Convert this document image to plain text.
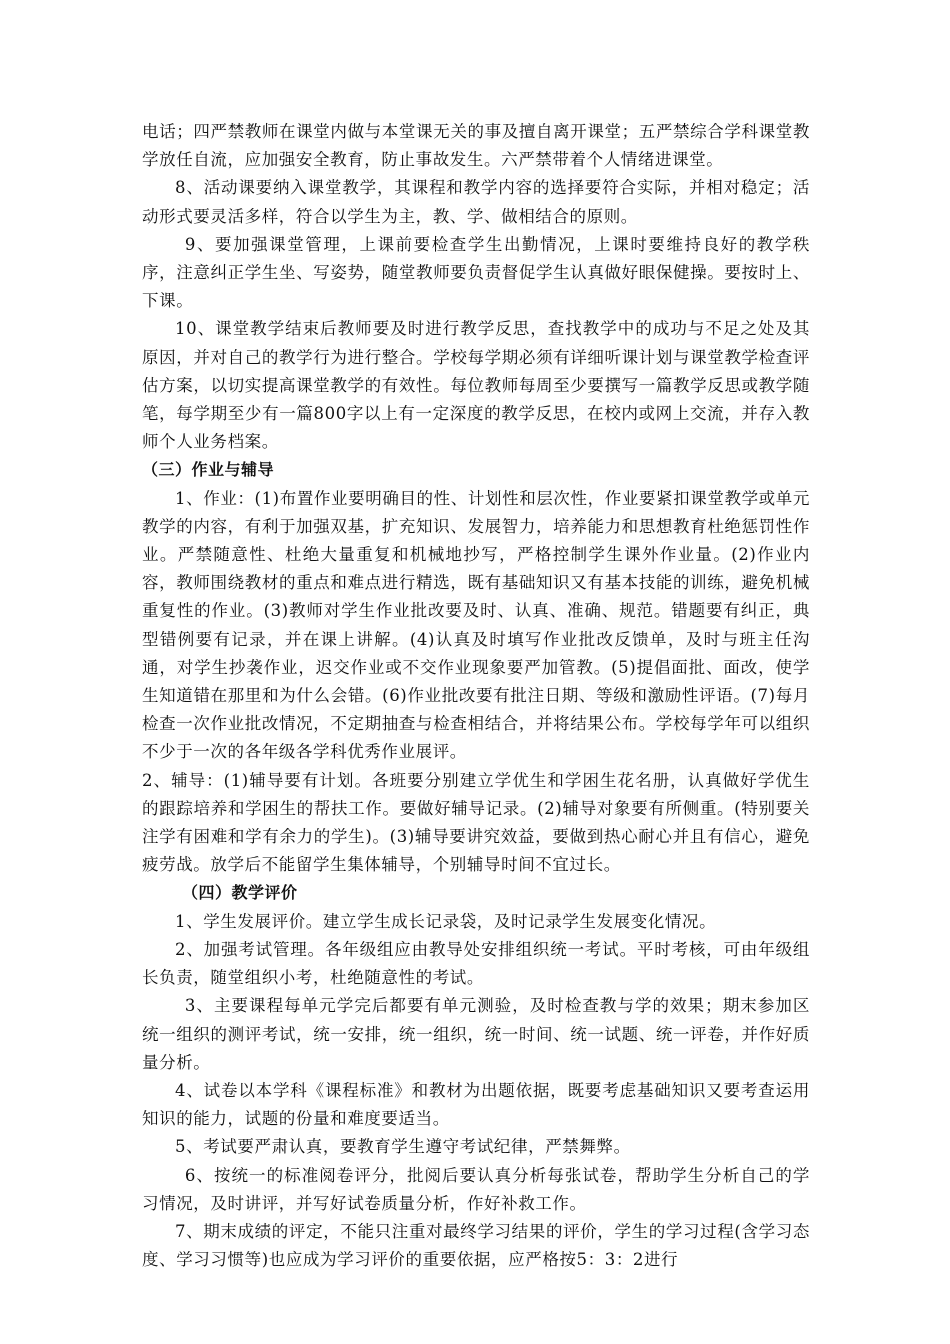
电话；四严禁教师在课堂内做与本堂课无关的事及擅自离开课堂；五严禁综合学科课堂教学放任自流，应加强安全教育，防止事故发生。六严禁带着个人情绪进课堂。

8、活动课要纳入课堂教学，其课程和教学内容的选择要符合实际，并相对稳定；活动形式要灵活多样，符合以学生为主，教、学、做相结合的原则。

9、要加强课堂管理，上课前要检查学生出勤情况，上课时要维持良好的教学秩序，注意纠正学生坐、写姿势，随堂教师要负责督促学生认真做好眼保健操。要按时上、下课。

10、课堂教学结束后教师要及时进行教学反思，查找教学中的成功与不足之处及其原因，并对自己的教学行为进行整合。学校每学期必须有详细听课计划与课堂教学检查评估方案，以切实提高课堂教学的有效性。每位教师每周至少要撰写一篇教学反思或教学随笔，每学期至少有一篇800字以上有一定深度的教学反思，在校内或网上交流，并存入教师个人业务档案。

（三）作业与辅导

1、作业：(1)布置作业要明确目的性、计划性和层次性，作业要紧扣课堂教学或单元教学的内容，有利于加强双基，扩充知识、发展智力，培养能力和思想教育杜绝惩罚性作业。严禁随意性、杜绝大量重复和机械地抄写，严格控制学生课外作业量。(2)作业内容，教师围绕教材的重点和难点进行精选，既有基础知识又有基本技能的训练，避免机械重复性的作业。(3)教师对学生作业批改要及时、认真、准确、规范。错题要有纠正，典型错例要有记录，并在课上讲解。(4)认真及时填写作业批改反馈单，及时与班主任沟通，对学生抄袭作业，迟交作业或不交作业现象要严加管教。(5)提倡面批、面改，使学生知道错在那里和为什么会错。(6)作业批改要有批注日期、等级和激励性评语。(7)每月检查一次作业批改情况，不定期抽查与检查相结合，并将结果公布。学校每学年可以组织不少于一次的各年级各学科优秀作业展评。

2、辅导：(1)辅导要有计划。各班要分别建立学优生和学困生花名册，认真做好学优生的跟踪培养和学困生的帮扶工作。要做好辅导记录。(2)辅导对象要有所侧重。(特别要关注学有困难和学有余力的学生)。(3)辅导要讲究效益，要做到热心耐心并且有信心，避免疲劳战。放学后不能留学生集体辅导，个别辅导时间不宜过长。

（四）教学评价

1、学生发展评价。建立学生成长记录袋，及时记录学生发展变化情况。

2、加强考试管理。各年级组应由教导处安排组织统一考试。平时考核，可由年级组长负责，随堂组织小考，杜绝随意性的考试。

3、主要课程每单元学完后都要有单元测验，及时检查教与学的效果；期末参加区统一组织的测评考试，统一安排，统一组织，统一时间、统一试题、统一评卷，并作好质量分析。

4、试卷以本学科《课程标准》和教材为出题依据，既要考虑基础知识又要考查运用知识的能力，试题的份量和难度要适当。

5、考试要严肃认真，要教育学生遵守考试纪律，严禁舞弊。

6、按统一的标准阅卷评分，批阅后要认真分析每张试卷，帮助学生分析自己的学习情况，及时讲评，并写好试卷质量分析，作好补救工作。

7、期末成绩的评定，不能只注重对最终学习结果的评价，学生的学习过程(含学习态度、学习习惯等)也应成为学习评价的重要依据，应严格按5：3：2进行
